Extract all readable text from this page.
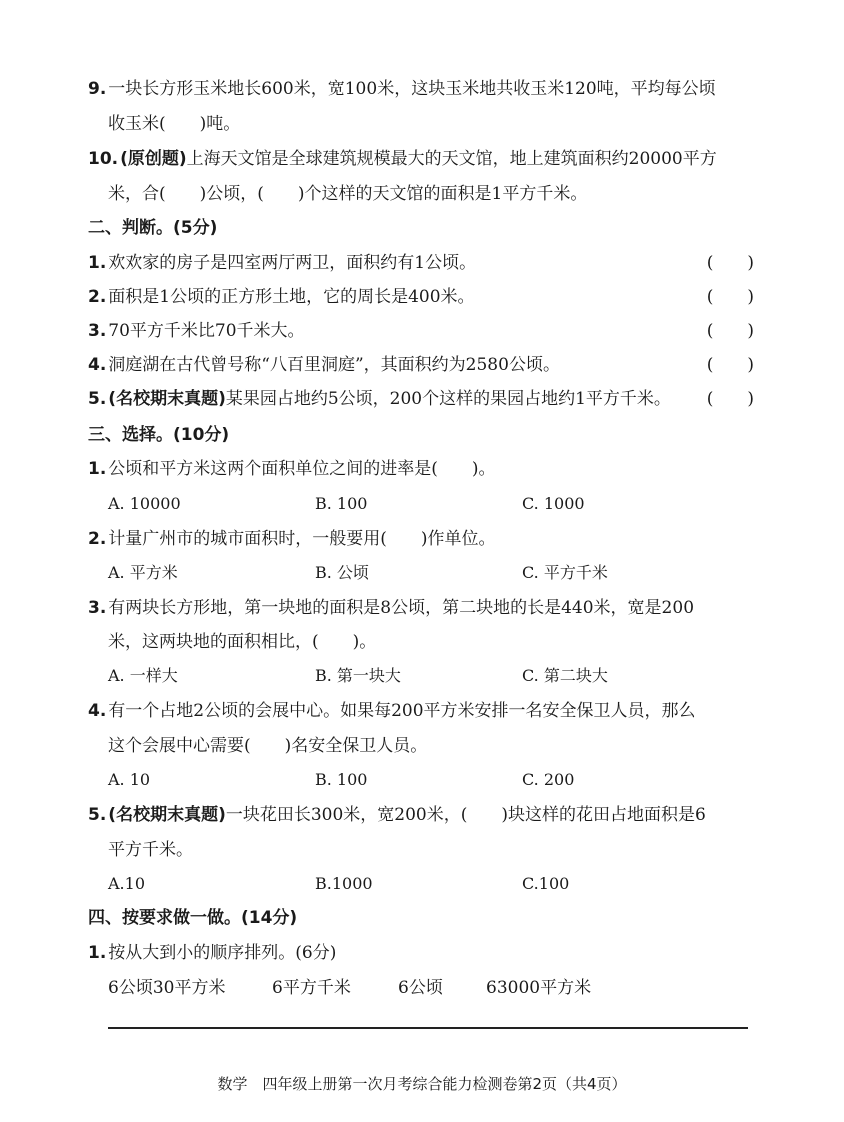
9. 一块长方形玉米地长600米，宽100米，这块玉米地共收玉米120吨，平均每公顷
收玉米(　　)吨。
10. (原创题)上海天文馆是全球建筑规模最大的天文馆，地上建筑面积约20000平方
米，合(　　)公顷，(　　)个这样的天文馆的面积是1平方千米。
二、判断。(5分)
1. 欢欢家的房子是四室两厅两卫，面积约有1公顷。	(　　)
2. 面积是1公顷的正方形土地，它的周长是400米。	(　　)
3. 70平方千米比70千米大。	(　　)
4. 洞庭湖在古代曾号称“八百里洞庭”，其面积约为2580公顷。	(　　)
5. (名校期末真题)某果园占地约5公顷，200个这样的果园占地约1平方千米。 (　　)
三、选择。(10分)
1. 公顷和平方米这两个面积单位之间的进率是(　　)。
A. 10000	B. 100	C. 1000
2. 计量广州市的城市面积时，一般要用(　　)作单位。
A. 平方米	B. 公顷	C. 平方千米
3. 有两块长方形地，第一块地的面积是8公顷，第二块地的长是440米，宽是200
米，这两块地的面积相比，(　　)。
A. 一样大	B. 第一块大	C. 第二块大
4. 有一个占地2公顷的会展中心。如果每200平方米安排一名安全保卫人员，那么
这个会展中心需要(　　)名安全保卫人员。
A. 10	B. 100	C. 200
5. (名校期末真题)一块花田长300米，宽200米，(　　)块这样的花田占地面积是6
平方千米。
A.10	B.1000	C.100
四、按要求做一做。(14分)
1. 按从大到小的顺序排列。(6分)
6公顷30平方米	6平方千米	6公顷	63000平方米
数学　四年级上册第一次月考综合能力检测卷第2页（共4页）
